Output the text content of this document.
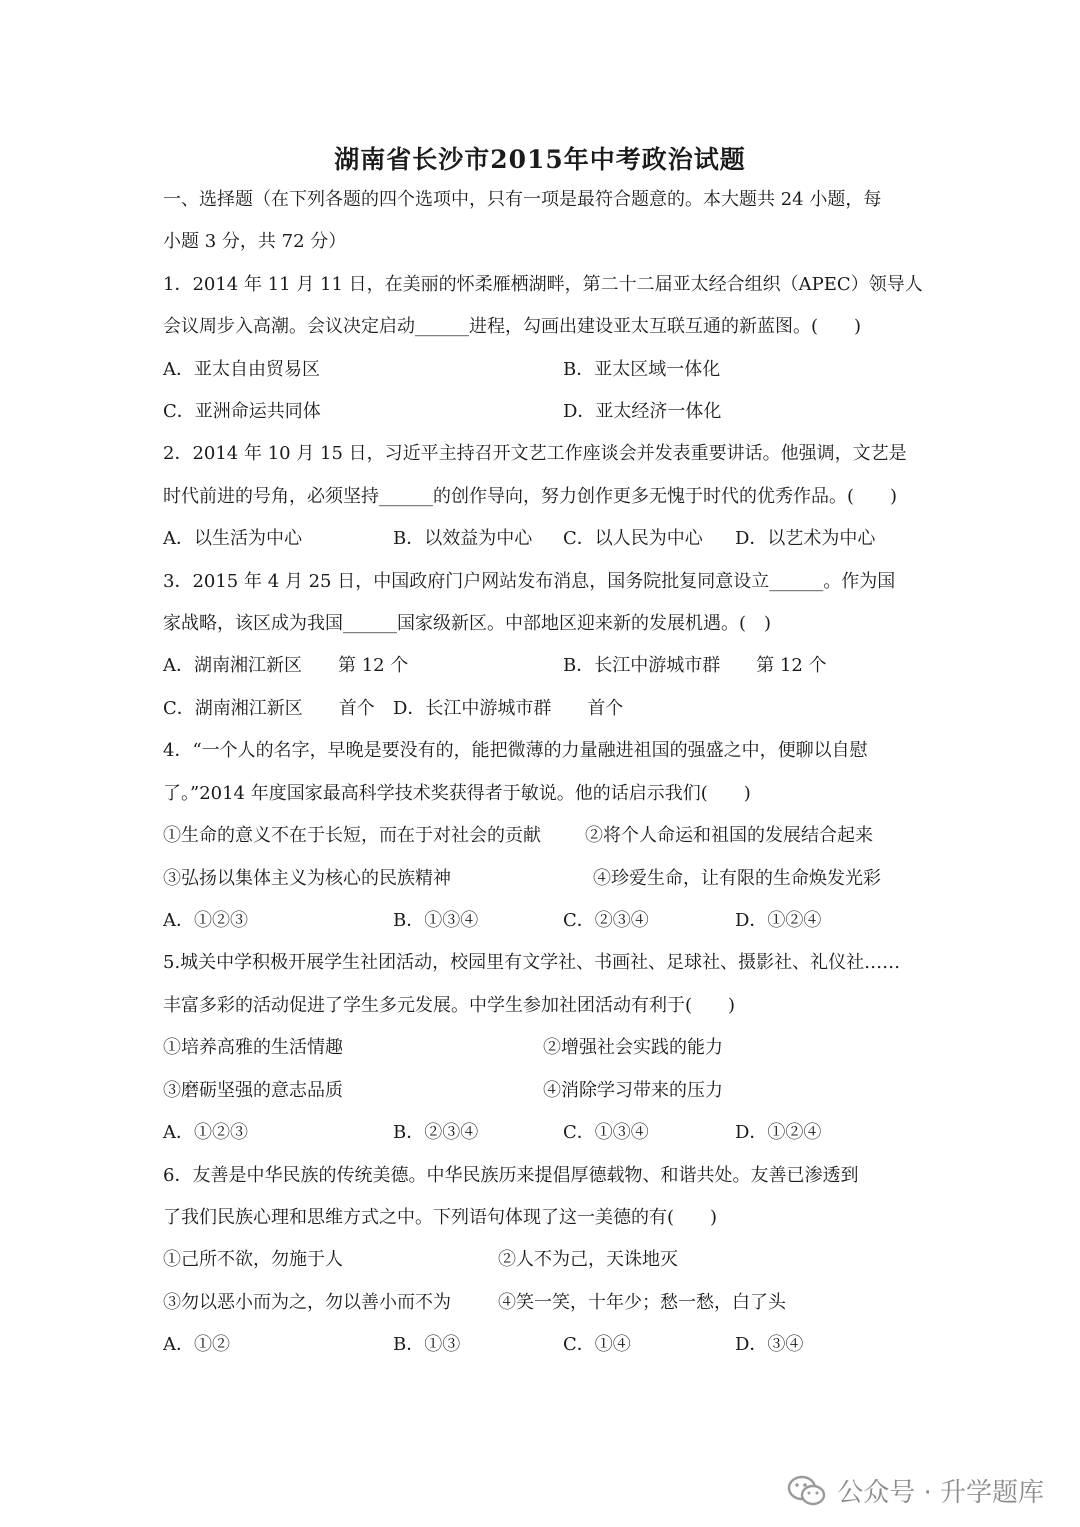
湖南省长沙市2015年中考政治试题
一、选择题（在下列各题的四个选项中，只有一项是最符合题意的。本大题共 24 小题，每
小题 3 分，共 72 分）
1．2014 年 11 月 11 日，在美丽的怀柔雁栖湖畔，第二十二届亚太经合组织（APEC）领导人
会议周步入高潮。会议决定启动______进程，勾画出建设亚太互联互通的新蓝图。(　　)
A．亚太自由贸易区	B．亚太区域一体化
C．亚洲命运共同体	D．亚太经济一体化
2．2014 年 10 月 15 日，习近平主持召开文艺工作座谈会并发表重要讲话。他强调，文艺是
时代前进的号角，必须坚持______的创作导向，努力创作更多无愧于时代的优秀作品。(　　)
A．以生活为中心	B．以效益为中心 C．以人民为中心 D．以艺术为中心
3．2015 年 4 月 25 日，中国政府门户网站发布消息，国务院批复同意设立______。作为国
家战略，该区成为我国______国家级新区。中部地区迎来新的发展机遇。(　)
A．湖南湘江新区　　第 12 个	B．长江中游城市群　　第 12 个
C．湖南湘江新区　　首个 D．长江中游城市群　　首个
4．“一个人的名字，早晚是要没有的，能把微薄的力量融进祖国的强盛之中，便聊以自慰
了。”2014 年度国家最高科学技术奖获得者于敏说。他的话启示我们(　　)
①生命的意义不在于长短，而在于对社会的贡献 ②将个人命运和祖国的发展结合起来
③弘扬以集体主义为核心的民族精神	④珍爱生命，让有限的生命焕发光彩
A．①②③	B．①③④	C．②③④	D．①②④
5.城关中学积极开展学生社团活动，校园里有文学社、书画社、足球社、摄影社、礼仪社……
丰富多彩的活动促进了学生多元发展。中学生参加社团活动有利于(　　)
①培养高雅的生活情趣	②增强社会实践的能力
③磨砺坚强的意志品质	④消除学习带来的压力
A．①②③	B．②③④	C．①③④	D．①②④
6．友善是中华民族的传统美德。中华民族历来提倡厚德载物、和谐共处。友善已渗透到
了我们民族心理和思维方式之中。下列语句体现了这一美德的有(　　)
①己所不欲，勿施于人	②人不为己，天诛地灭
③勿以恶小而为之，勿以善小而不为	④笑一笑，十年少；愁一愁，白了头
A．①②	B．①③	C．①④	D．③④
公众号 · 升学题库
